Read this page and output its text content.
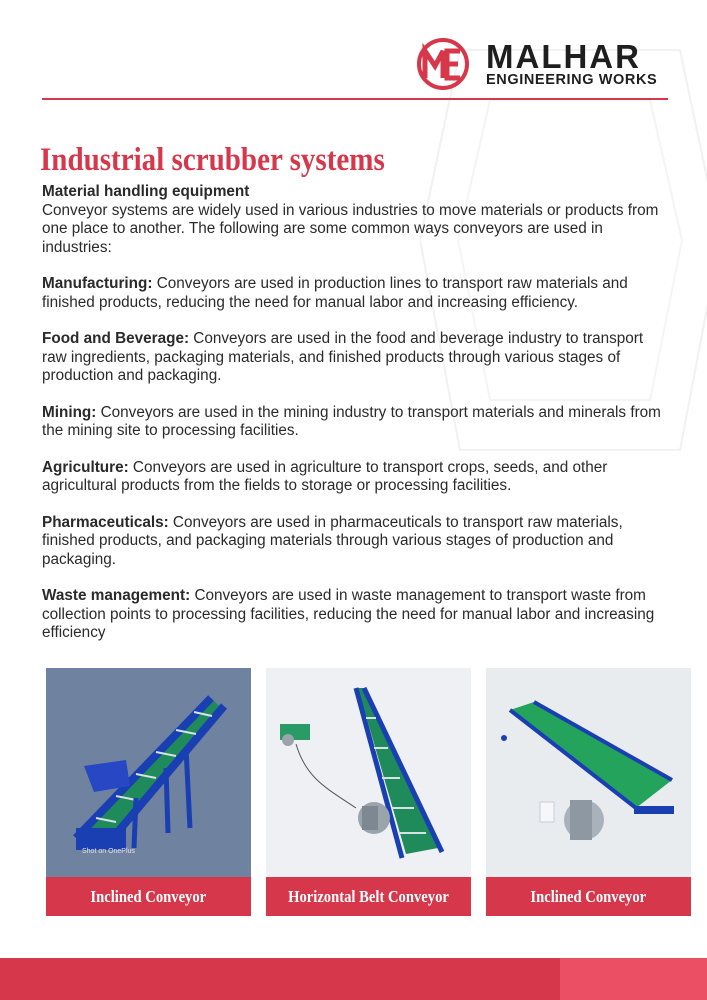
MALHAR
ENGINEERING WORKS
Industrial scrubber systems
Material handling equipment

Conveyor systems are widely used in various industries to move materials or products from one place to another. The following are some common ways conveyors are used in industries:

Manufacturing: Conveyors are used in production lines to transport raw materials and finished products, reducing the need for manual labor and increasing efficiency.

Food and Beverage: Conveyors are used in the food and beverage industry to transport raw ingredients, packaging materials, and finished products through various stages of production and packaging.

Mining: Conveyors are used in the mining industry to transport materials and minerals from the mining site to processing facilities.

Agriculture: Conveyors are used in agriculture to transport crops, seeds, and other agricultural products from the fields to storage or processing facilities.

Pharmaceuticals: Conveyors are used in pharmaceuticals to transport raw materials, finished products, and packaging materials through various stages of production and packaging.

Waste management: Conveyors are used in waste management to transport waste from collection points to processing facilities, reducing the need for manual labor and increasing efficiency

Shot on OnePlus
Inclined Conveyor	Horizontal Belt Conveyor	Inclined Conveyor
